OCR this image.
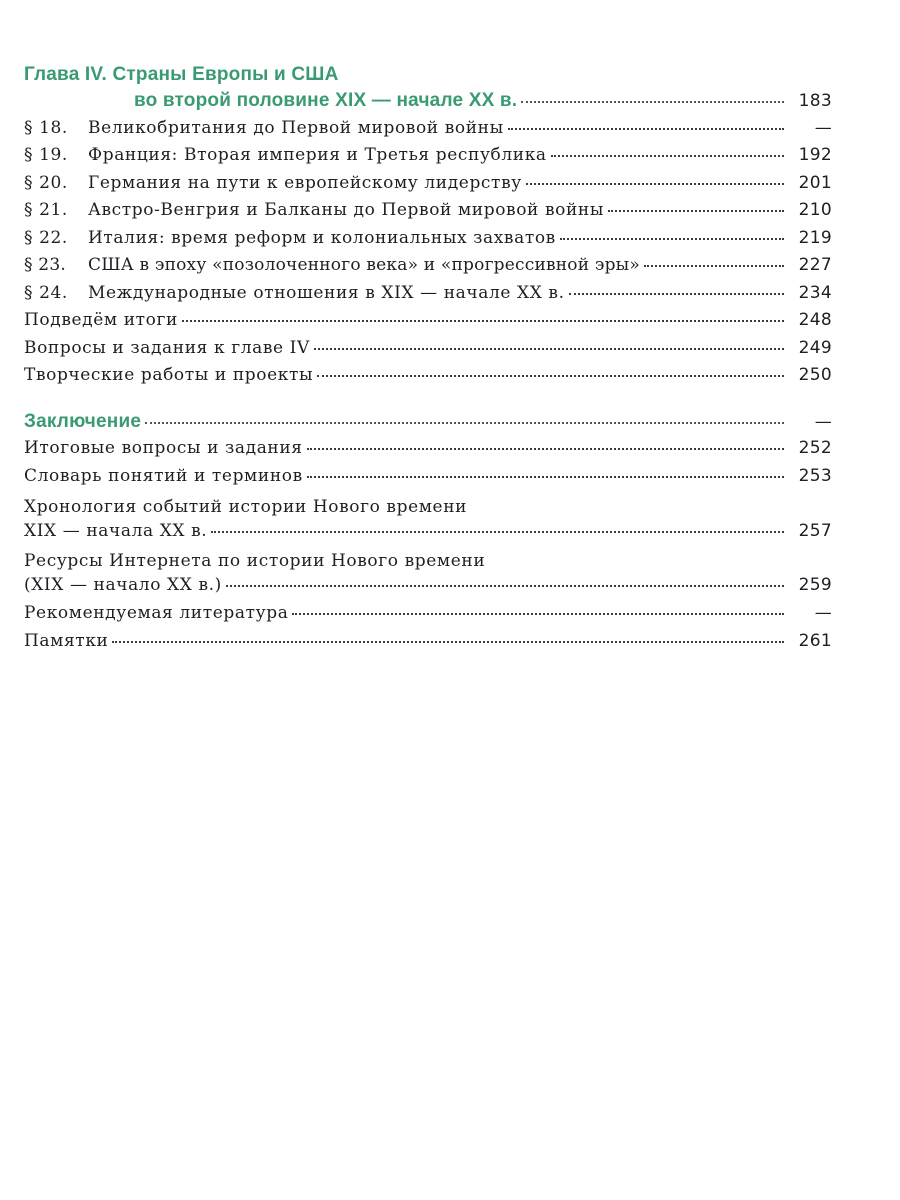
Глава IV. Страны Европы и США
во второй половине XIX — начале XX в.	183
§ 18. Великобритания до Первой мировой войны	—
§ 19. Франция: Вторая империя и Третья республика	192
§ 20. Германия на пути к европейскому лидерству	201
§ 21. Австро-Венгрия и Балканы до Первой мировой войны	210
§ 22. Италия: время реформ и колониальных захватов	219
§ 23. США в эпоху «позолоченного века» и «прогрессивной эры»	227
§ 24. Международные отношения в XIX — начале XX в.	234
Подведём итоги	248
Вопросы и задания к главе IV	249
Творческие работы и проекты	250
Заключение	—
Итоговые вопросы и задания	252
Словарь понятий и терминов	253
Хронология событий истории Нового времени
XIX — начала XX в.	257
Ресурсы Интернета по истории Нового времени
(XIX — начало XX в.)	259
Рекомендуемая литература	—
Памятки	261
